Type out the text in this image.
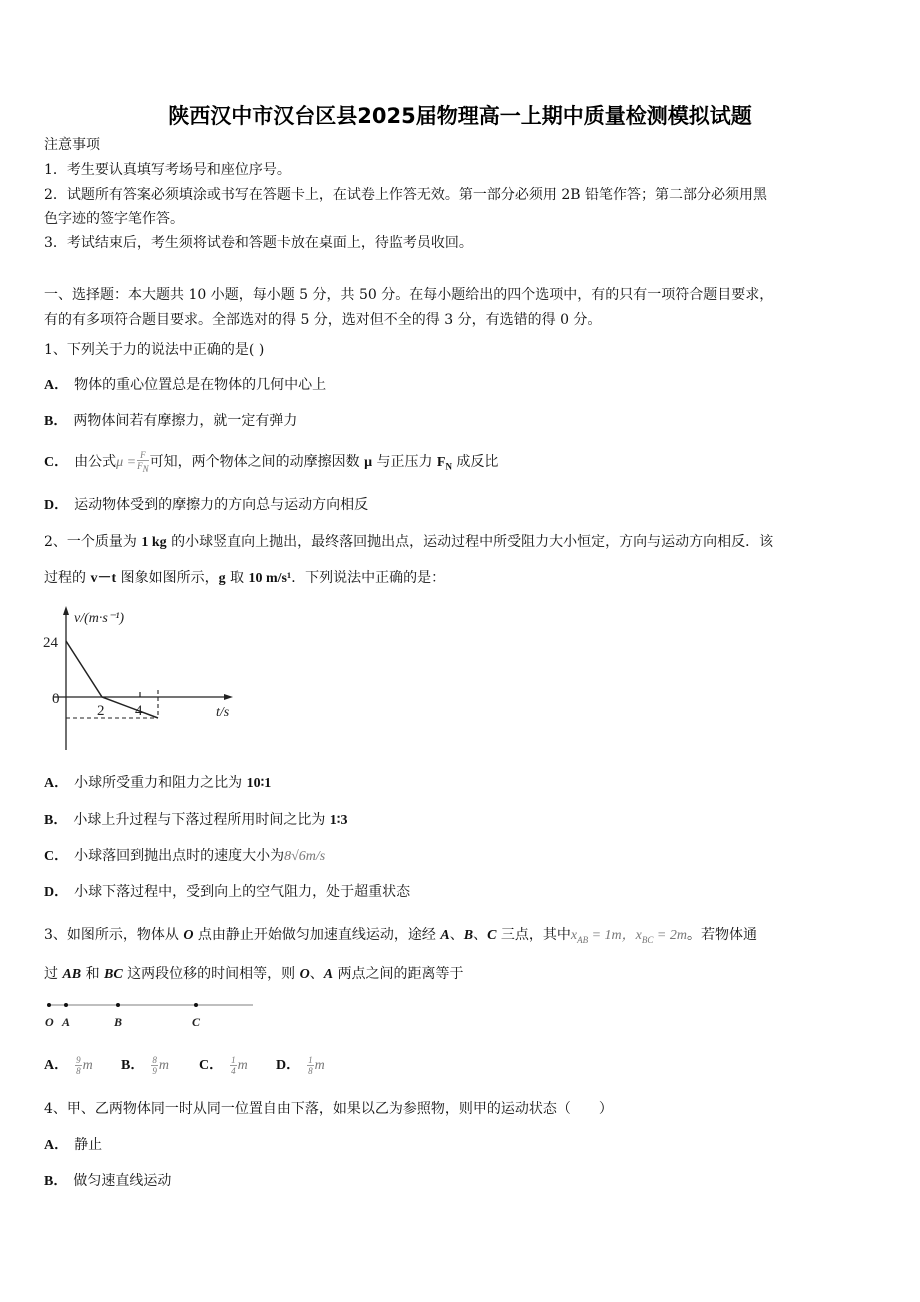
陕西汉中市汉台区县2025届物理高一上期中质量检测模拟试题
注意事项
1．考生要认真填写考场号和座位序号。
2．试题所有答案必须填涂或书写在答题卡上，在试卷上作答无效。第一部分必须用 2B 铅笔作答；第二部分必须用黑
色字迹的签字笔作答。
3．考试结束后，考生须将试卷和答题卡放在桌面上，待监考员收回。
一、选择题：本大题共 10 小题，每小题 5 分，共 50 分。在每小题给出的四个选项中，有的只有一项符合题目要求，
有的有多项符合题目要求。全部选对的得 5 分，选对但不全的得 3 分，有选错的得 0 分。
1、下列关于力的说法中正确的是( )
A． 物体的重心位置总是在物体的几何中心上
B． 两物体间若有摩擦力，就一定有弹力
C． 由公式$\mu = \frac{F}{F_N}$ 可知，两个物体之间的动摩擦因数 μ 与正压力 $F_N$ 成反比
D． 运动物体受到的摩擦力的方向总与运动方向相反
2、一个质量为 1 kg 的小球竖直向上抛出，最终落回抛出点，运动过程中所受阻力大小恒定，方向与运动方向相反．该
过程的 v－t 图象如图所示，g 取 10 m/s¹．下列说法中正确的是：
v/(m·s⁻¹)
24
0
2 4	t/s
A． 小球所受重力和阻力之比为 10∶1
B． 小球上升过程与下落过程所用时间之比为 1∶3
C． 小球落回到抛出点时的速度大小为8√6m/s
D． 小球下落过程中，受到向上的空气阻力，处于超重状态
3、如图所示，物体从 O 点由静止开始做匀加速直线运动，途经 A、B、C 三点，其中$x_{AB} = 1m$，$x_{BC} = 2m$。若物体通
过 AB 和 BC 这两段位移的时间相等，则 O、A 两点之间的距离等于
O A	B	C
A． $\frac{9}{8}$ m B． $\frac{8}{9}$ m C． $\frac{1}{4}$ m D． $\frac{1}{8}$ m
4、甲、乙两物体同一时从同一位置自由下落，如果以乙为参照物，则甲的运动状态（　　）
A． 静止
B． 做匀速直线运动
